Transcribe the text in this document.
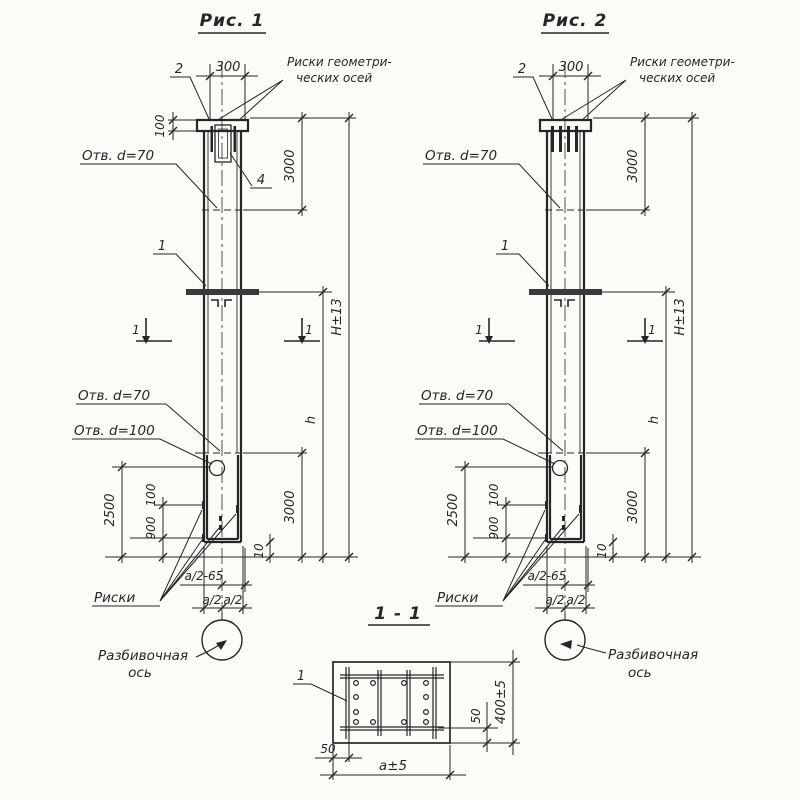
Рис. 1
2 300	Риски геометри-
ческих осей
100
Отв. d=70
4 3000
1
1	1 H±13
h
Отв. d=70
Отв. d=100
2500 100
900
3000
10
Риски
a/2-65
a/2 a/2
Разбивочная
ось
Рис. 2
2 300	Риски геометри-
ческих осей
Отв. d=70	3000
1
1	1 H±13
h
Отв. d=70
Отв. d=100
2500 100
900
3000
10
Риски
a/2-65
a/2 a/2
Разбивочная
ось
1 - 1
1
50
50 400±5
a±5
